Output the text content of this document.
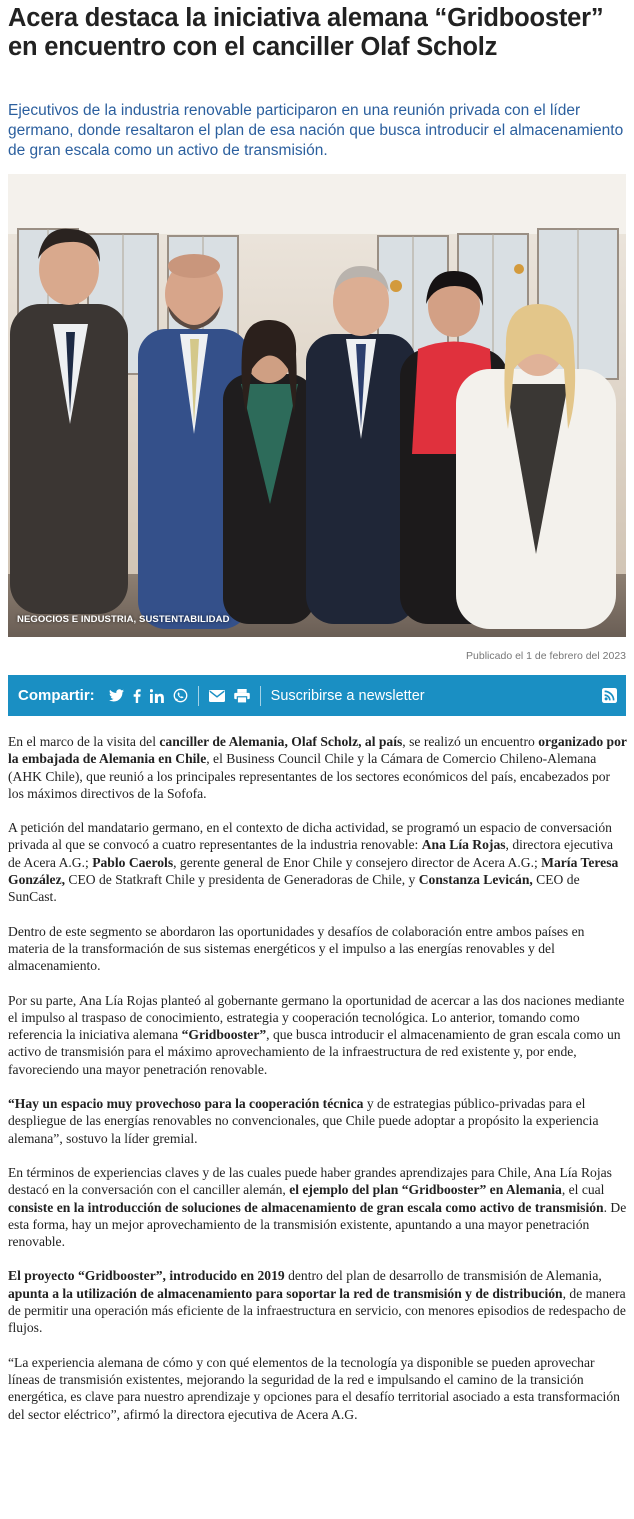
Acera destaca la iniciativa alemana “Gridbooster” en encuentro con el canciller Olaf Scholz

Ejecutivos de la industria renovable participaron en una reunión privada con el líder germano, donde resaltaron el plan de esa nación que busca introducir el almacenamiento de gran escala como un activo de transmisión.

NEGOCIOS E INDUSTRIA, SUSTENTABILIDAD
Publicado el 1 de febrero del 2023
Compartir:	Suscribirse a newsletter

En el marco de la visita del canciller de Alemania, Olaf Scholz, al país, se realizó un encuentro organizado por la embajada de Alemania en Chile, el Business Council Chile y la Cámara de Comercio Chileno-Alemana (AHK Chile), que reunió a los principales representantes de los sectores económicos del país, encabezados por los máximos directivos de la Sofofa.

A petición del mandatario germano, en el contexto de dicha actividad, se programó un espacio de conversación privada al que se convocó a cuatro representantes de la industria renovable: Ana Lía Rojas, directora ejecutiva de Acera A.G.; Pablo Caerols, gerente general de Enor Chile y consejero director de Acera A.G.; María Teresa González, CEO de Statkraft Chile y presidenta de Generadoras de Chile, y Constanza Levicán, CEO de SunCast.

Dentro de este segmento se abordaron las oportunidades y desafíos de colaboración entre ambos países en materia de la transformación de sus sistemas energéticos y el impulso a las energías renovables y del almacenamiento.

Por su parte, Ana Lía Rojas planteó al gobernante germano la oportunidad de acercar a las dos naciones mediante el impulso al traspaso de conocimiento, estrategia y cooperación tecnológica. Lo anterior, tomando como referencia la iniciativa alemana “Gridbooster”, que busca introducir el almacenamiento de gran escala como un activo de transmisión para el máximo aprovechamiento de la infraestructura de red existente y, por ende, favoreciendo una mayor penetración renovable.

“Hay un espacio muy provechoso para la cooperación técnica y de estrategias público-privadas para el despliegue de las energías renovables no convencionales, que Chile puede adoptar a propósito la experiencia alemana”, sostuvo la líder gremial.

En términos de experiencias claves y de las cuales puede haber grandes aprendizajes para Chile, Ana Lía Rojas destacó en la conversación con el canciller alemán, el ejemplo del plan “Gridbooster” en Alemania, el cual consiste en la introducción de soluciones de almacenamiento de gran escala como activo de transmisión. De esta forma, hay un mejor aprovechamiento de la transmisión existente, apuntando a una mayor penetración renovable.

El proyecto “Gridbooster”, introducido en 2019 dentro del plan de desarrollo de transmisión de Alemania, apunta a la utilización de almacenamiento para soportar la red de transmisión y de distribución, de manera de permitir una operación más eficiente de la infraestructura en servicio, con menores episodios de redespacho de flujos.

“La experiencia alemana de cómo y con qué elementos de la tecnología ya disponible se pueden aprovechar líneas de transmisión existentes, mejorando la seguridad de la red e impulsando el camino de la transición energética, es clave para nuestro aprendizaje y opciones para el desafío territorial asociado a esta transformación del sector eléctrico”, afirmó la directora ejecutiva de Acera A.G.
